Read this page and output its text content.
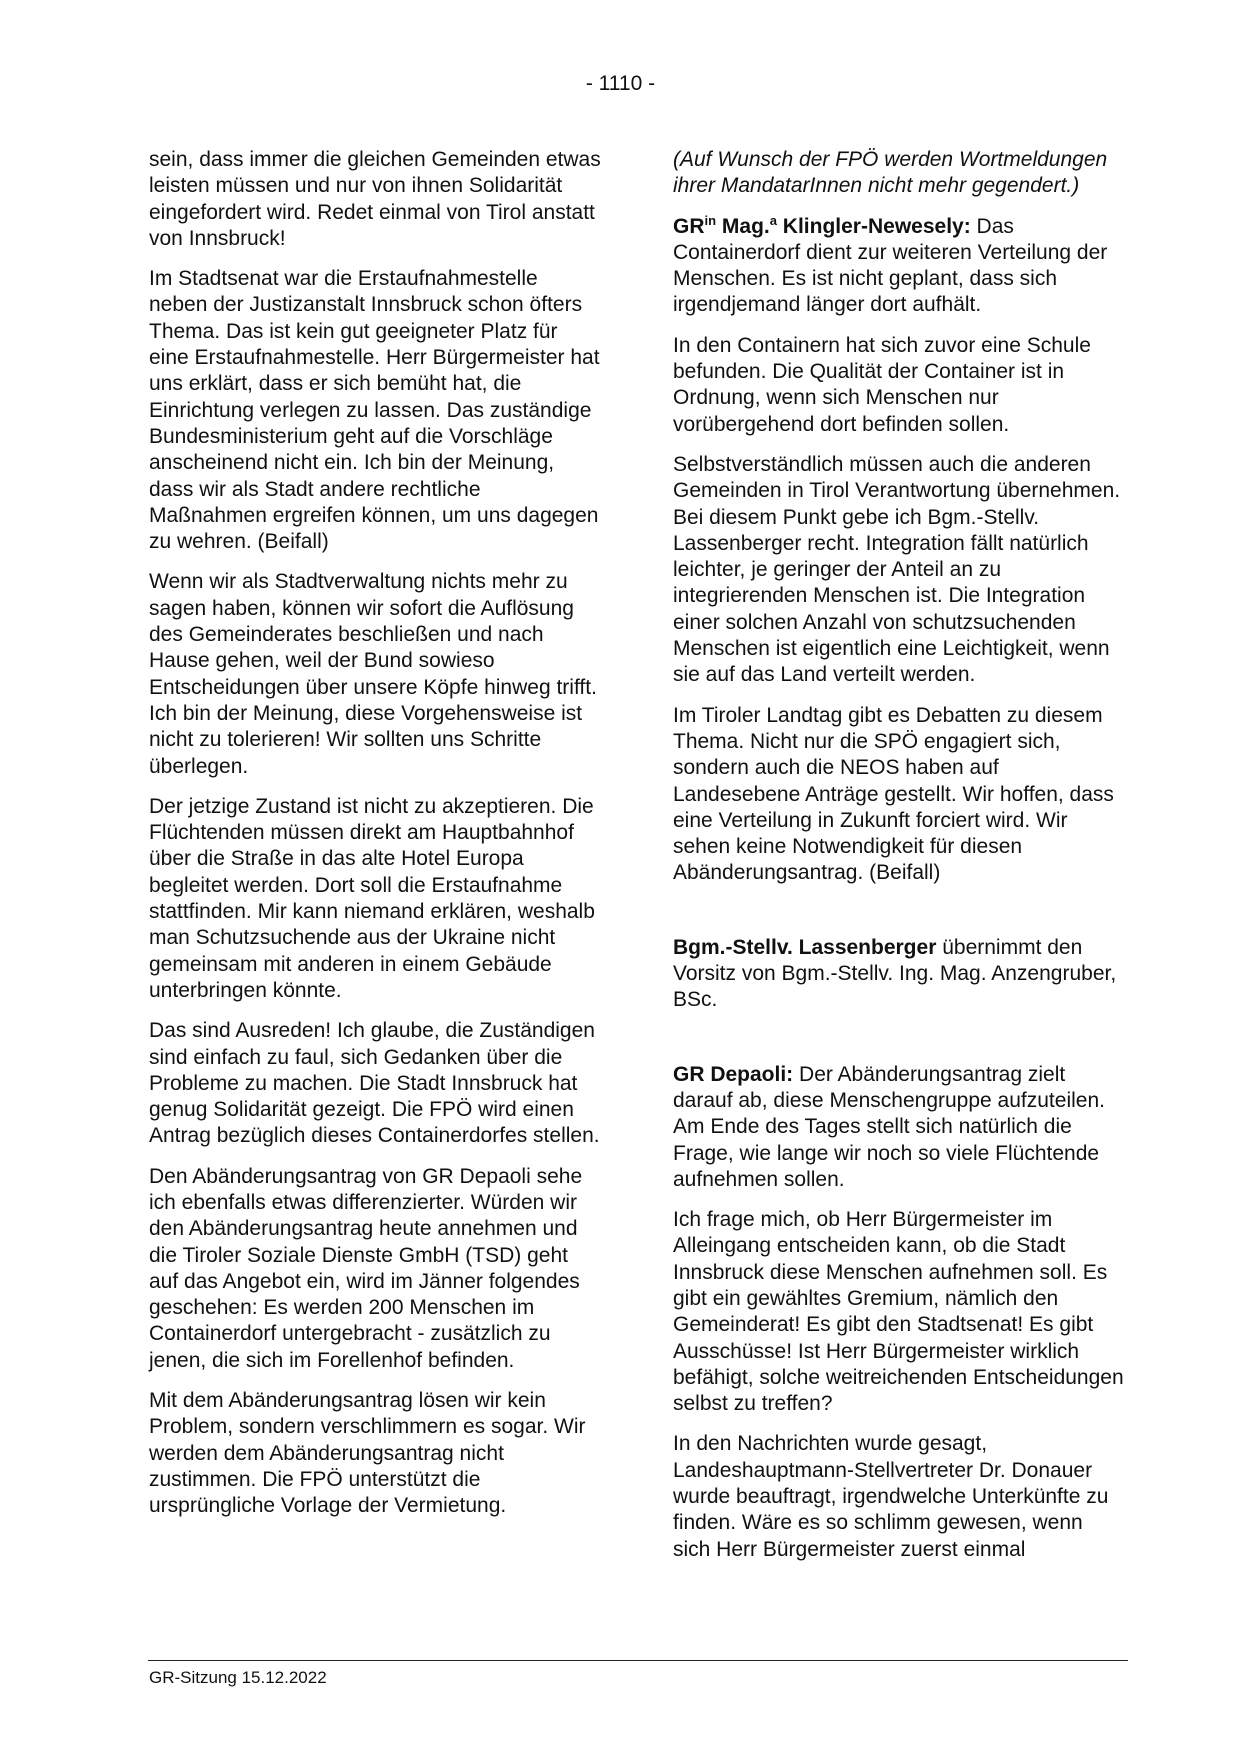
- 1110 -

sein, dass immer die gleichen Gemeinden etwas leisten müssen und nur von ihnen Solidarität eingefordert wird. Redet einmal von Tirol anstatt von Innsbruck!

Im Stadtsenat war die Erstaufnahmestelle neben der Justizanstalt Innsbruck schon öfters Thema. Das ist kein gut geeigneter Platz für eine Erstaufnahmestelle. Herr Bürgermeister hat uns erklärt, dass er sich bemüht hat, die Einrichtung verlegen zu lassen. Das zuständige Bundesministerium geht auf die Vorschläge anscheinend nicht ein. Ich bin der Meinung, dass wir als Stadt andere rechtliche Maßnahmen ergreifen können, um uns dagegen zu wehren. (Beifall)

Wenn wir als Stadtverwaltung nichts mehr zu sagen haben, können wir sofort die Auflösung des Gemeinderates beschließen und nach Hause gehen, weil der Bund sowieso Entscheidungen über unsere Köpfe hinweg trifft. Ich bin der Meinung, diese Vorgehensweise ist nicht zu tolerieren! Wir sollten uns Schritte überlegen.

Der jetzige Zustand ist nicht zu akzeptieren. Die Flüchtenden müssen direkt am Hauptbahnhof über die Straße in das alte Hotel Europa begleitet werden. Dort soll die Erstaufnahme stattfinden. Mir kann niemand erklären, weshalb man Schutzsuchende aus der Ukraine nicht gemeinsam mit anderen in einem Gebäude unterbringen könnte.

Das sind Ausreden! Ich glaube, die Zuständigen sind einfach zu faul, sich Gedanken über die Probleme zu machen. Die Stadt Innsbruck hat genug Solidarität gezeigt. Die FPÖ wird einen Antrag bezüglich dieses Containerdorfes stellen.

Den Abänderungsantrag von GR Depaoli sehe ich ebenfalls etwas differenzierter. Würden wir den Abänderungsantrag heute annehmen und die Tiroler Soziale Dienste GmbH (TSD) geht auf das Angebot ein, wird im Jänner folgendes geschehen: Es werden 200 Menschen im Containerdorf untergebracht - zusätzlich zu jenen, die sich im Forellenhof befinden.

Mit dem Abänderungsantrag lösen wir kein Problem, sondern verschlimmern es sogar. Wir werden dem Abänderungsantrag nicht zustimmen. Die FPÖ unterstützt die ursprüngliche Vorlage der Vermietung.

(Auf Wunsch der FPÖ werden Wortmeldungen ihrer MandatarInnen nicht mehr gegendert.)

$GR^{in}$ Mag.$^a$ Klingler-Newesely: Das Containerdorf dient zur weiteren Verteilung der Menschen. Es ist nicht geplant, dass sich irgendjemand länger dort aufhält.

In den Containern hat sich zuvor eine Schule befunden. Die Qualität der Container ist in Ordnung, wenn sich Menschen nur vorübergehend dort befinden sollen.

Selbstverständlich müssen auch die anderen Gemeinden in Tirol Verantwortung übernehmen. Bei diesem Punkt gebe ich Bgm.-Stellv. Lassenberger recht. Integration fällt natürlich leichter, je geringer der Anteil an zu integrierenden Menschen ist. Die Integration einer solchen Anzahl von schutzsuchenden Menschen ist eigentlich eine Leichtigkeit, wenn sie auf das Land verteilt werden.

Im Tiroler Landtag gibt es Debatten zu diesem Thema. Nicht nur die SPÖ engagiert sich, sondern auch die NEOS haben auf Landesebene Anträge gestellt. Wir hoffen, dass eine Verteilung in Zukunft forciert wird. Wir sehen keine Notwendigkeit für diesen Abänderungsantrag. (Beifall)

Bgm.-Stellv. Lassenberger übernimmt den Vorsitz von Bgm.-Stellv. Ing. Mag. Anzengruber, BSc.

GR Depaoli: Der Abänderungsantrag zielt darauf ab, diese Menschengruppe aufzuteilen. Am Ende des Tages stellt sich natürlich die Frage, wie lange wir noch so viele Flüchtende aufnehmen sollen.

Ich frage mich, ob Herr Bürgermeister im Alleingang entscheiden kann, ob die Stadt Innsbruck diese Menschen aufnehmen soll. Es gibt ein gewähltes Gremium, nämlich den Gemeinderat! Es gibt den Stadtsenat! Es gibt Ausschüsse! Ist Herr Bürgermeister wirklich befähigt, solche weitreichenden Entscheidungen selbst zu treffen?

In den Nachrichten wurde gesagt, Landeshauptmann-Stellvertreter Dr. Donauer wurde beauftragt, irgendwelche Unterkünfte zu finden. Wäre es so schlimm gewesen, wenn sich Herr Bürgermeister zuerst einmal

GR-Sitzung 15.12.2022
